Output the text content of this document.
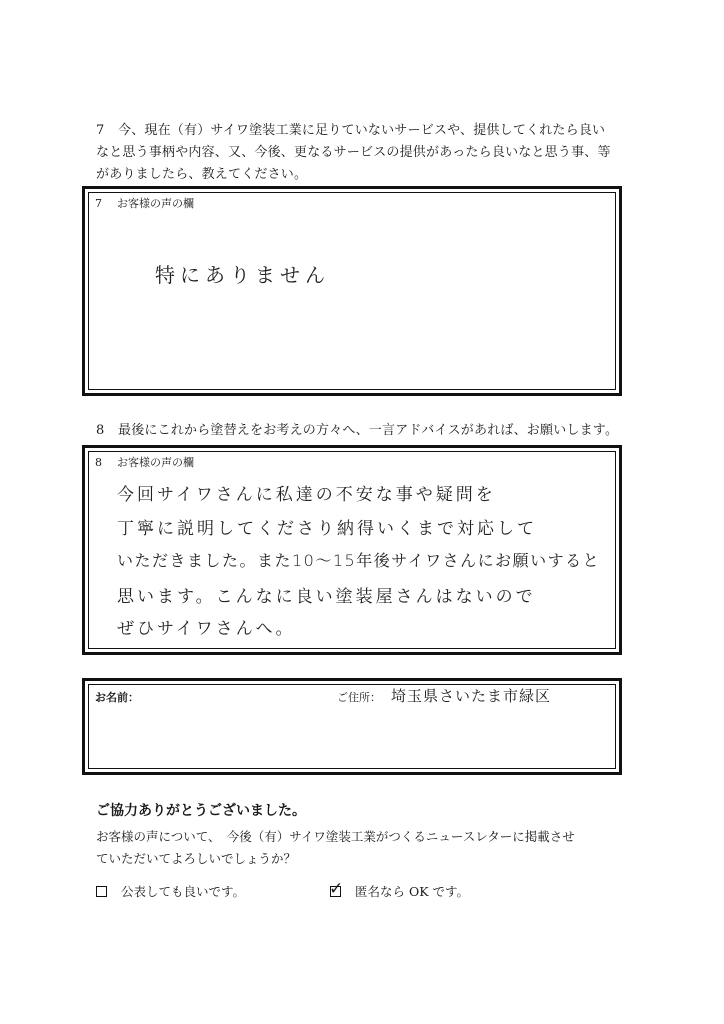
7 今、現在（有）サイワ塗装工業に足りていないサービスや、提供してくれたら良い
なと思う事柄や内容、又、今後、更なるサービスの提供があったら良いなと思う事、等
がありましたら、教えてください。
7 お客様の声の欄
特にありません
8 最後にこれから塗替えをお考えの方々へ、一言アドバイスがあれば、お願いします。
8 お客様の声の欄
今回サイワさんに私達の不安な事や疑問を
丁寧に説明してくださり納得いくまで対応して
いただきました。また10～15年後サイワさんにお願いすると
思います。こんなに良い塗装屋さんはないので
ぜひサイワさんへ。
お名前：	ご住所： 埼玉県さいたま市緑区
ご協力ありがとうございました。
お客様の声について、　今後（有）サイワ塗装工業がつくるニュースレターに掲載させ
ていただいてよろしいでしょうか？
公表しても良いです。	✓ 匿名なら OK です。
